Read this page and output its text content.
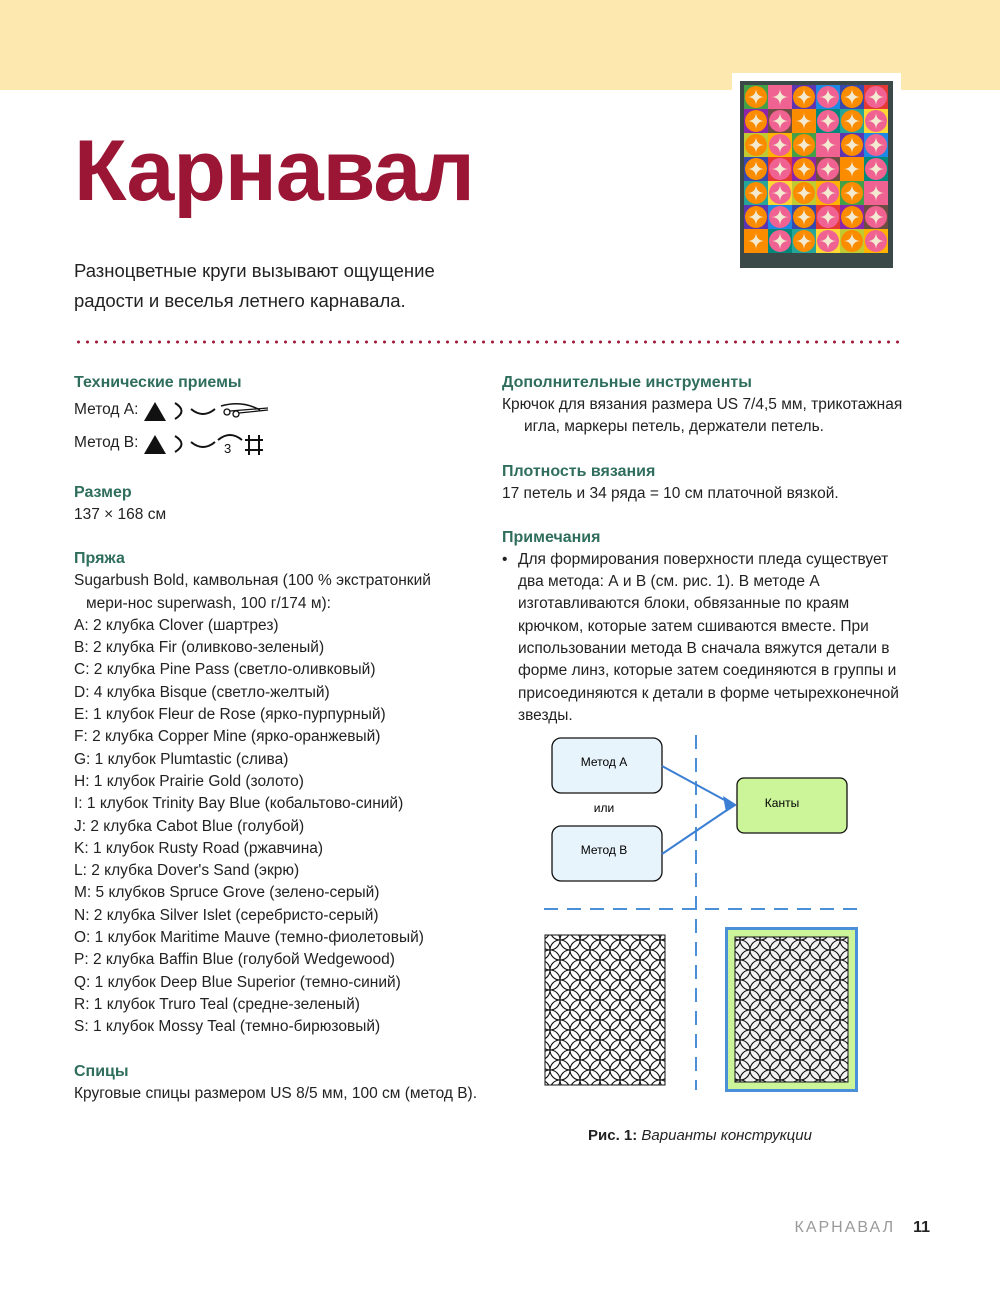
Карнавал
Разноцветные круги вызывают ощущение
радости и веселья летнего карнавала.

Технические приемы

Метод А:
Метод В:	3

Размер

137 × 168 см

Пряжа

Sugarbush Bold, камвольная (100 % экстратонкий мери-нос superwash, 100 г/174 м):

A: 2 клубка Clover (шартрез)
B: 2 клубка Fir (оливково-зеленый)
C: 2 клубка Pine Pass (светло-оливковый)
D: 4 клубка Bisque (светло-желтый)
E: 1 клубок Fleur de Rose (ярко-пурпурный)
F: 2 клубка Copper Mine (ярко-оранжевый)
G: 1 клубок Plumtastic (слива)
H: 1 клубок Prairie Gold (золото)
I: 1 клубок Trinity Bay Blue (кобальтово-синий)
J: 2 клубка Cabot Blue (голубой)
K: 1 клубок Rusty Road (ржавчина)
L: 2 клубка Dover's Sand (экрю)
M: 5 клубков Spruce Grove (зелено-серый)
N: 2 клубка Silver Islet (серебристо-серый)
O: 1 клубок Maritime Mauve (темно-фиолетовый)
P: 2 клубка Baffin Blue (голубой Wedgewood)
Q: 1 клубок Deep Blue Superior (темно-синий)
R: 1 клубок Truro Teal (средне-зеленый)
S: 1 клубок Mossy Teal (темно-бирюзовый)

Спицы

Круговые спицы размером US 8/5 мм, 100 см (метод В).

Дополнительные инструменты

Крючок для вязания размера US 7/4,5 мм, трикотажная игла, маркеры петель, держатели петель.

Плотность вязания

17 петель и 34 ряда = 10 см платочной вязкой.

Примечания

• Для формирования поверхности пледа существует два метода: А и В (см. рис. 1). В методе А изготавливаются блоки, обвязанные по краям крючком, которые затем сшиваются вместе. При использовании метода В сначала вяжутся детали в форме линз, которые затем соединяются в группы и присоединяются к детали в форме четырехконечной звезды.
Метод А
или
Метод В
Канты
Рис. 1: Варианты конструкции
КАРНАВАЛ 11
